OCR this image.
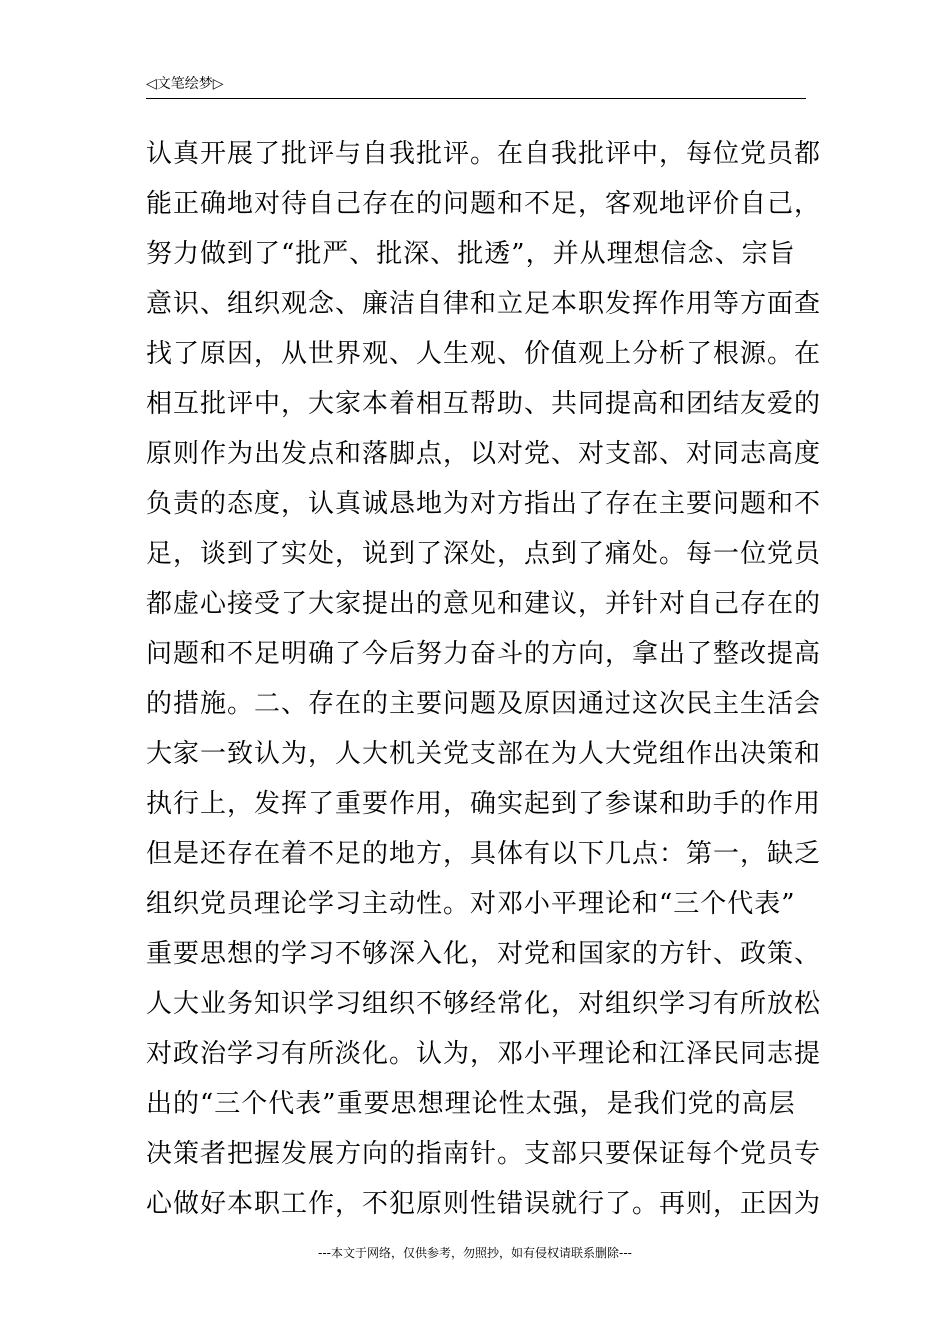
◁文笔绘梦▷
认真开展了批评与自我批评。在自我批评中，每位党员都
能正确地对待自己存在的问题和不足，客观地评价自己，
努力做到了“批严、批深、批透”，并从理想信念、宗旨
意识、组织观念、廉洁自律和立足本职发挥作用等方面查
找了原因，从世界观、人生观、价值观上分析了根源。在
相互批评中，大家本着相互帮助、共同提高和团结友爱的
原则作为出发点和落脚点，以对党、对支部、对同志高度
负责的态度，认真诚恳地为对方指出了存在主要问题和不
足，谈到了实处，说到了深处，点到了痛处。每一位党员
都虚心接受了大家提出的意见和建议，并针对自己存在的
问题和不足明确了今后努力奋斗的方向，拿出了整改提高
的措施。二、存在的主要问题及原因通过这次民主生活会
大家一致认为，人大机关党支部在为人大党组作出决策和
执行上，发挥了重要作用，确实起到了参谋和助手的作用
但是还存在着不足的地方，具体有以下几点：第一，缺乏
组织党员理论学习主动性。对邓小平理论和“三个代表”
重要思想的学习不够深入化，对党和国家的方针、政策、
人大业务知识学习组织不够经常化，对组织学习有所放松
对政治学习有所淡化。认为，邓小平理论和江泽民同志提
出的“三个代表”重要思想理论性太强，是我们党的高层
决策者把握发展方向的指南针。支部只要保证每个党员专
心做好本职工作，不犯原则性错误就行了。再则，正因为
---本文于网络，仅供参考，勿照抄，如有侵权请联系删除---
